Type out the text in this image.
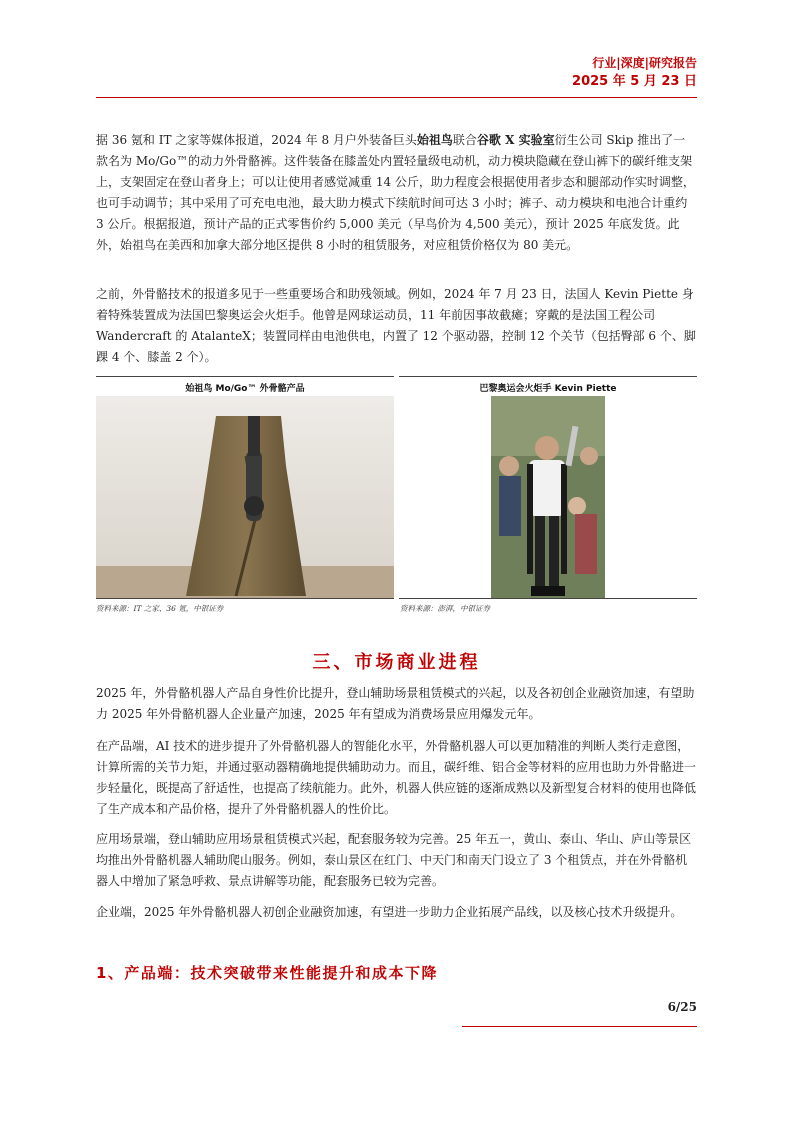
行业|深度|研究报告
2025 年 5 月 23 日

据 36 氪和 IT 之家等媒体报道，2024 年 8 月户外装备巨头始祖鸟联合谷歌 X 实验室衍生公司 Skip 推出了一款名为 Mo/Go™的动力外骨骼裤。这件装备在膝盖处内置轻量级电动机，动力模块隐藏在登山裤下的碳纤维支架上，支架固定在登山者身上；可以让使用者感觉减重 14 公斤，助力程度会根据使用者步态和腿部动作实时调整，也可手动调节；其中采用了可充电电池，最大助力模式下续航时间可达 3 小时；裤子、动力模块和电池合计重约 3 公斤。根据报道，预计产品的正式零售价约 5,000 美元（早鸟价为 4,500 美元），预计 2025 年底发货。此外，始祖鸟在美西和加拿大部分地区提供 8 小时的租赁服务，对应租赁价格仅为 80 美元。

之前，外骨骼技术的报道多见于一些重要场合和助残领域。例如，2024 年 7 月 23 日，法国人 Kevin Piette 身着特殊装置成为法国巴黎奥运会火炬手。他曾是网球运动员，11 年前因事故截瘫；穿戴的是法国工程公司 Wandercraft 的 AtalanteX；装置同样由电池供电，内置了 12 个驱动器，控制 12 个关节（包括臀部 6 个、脚踝 4 个、膝盖 2 个）。

始祖鸟 Mo/Go™ 外骨骼产品
资料来源：IT 之家、36 氪，中银证券
巴黎奥运会火炬手 Kevin Piette
资料来源：澎湃，中银证券
三、市场商业进程

2025 年，外骨骼机器人产品自身性价比提升，登山辅助场景租赁模式的兴起，以及各初创企业融资加速，有望助力 2025 年外骨骼机器人企业量产加速，2025 年有望成为消费场景应用爆发元年。

在产品端，AI 技术的进步提升了外骨骼机器人的智能化水平，外骨骼机器人可以更加精准的判断人类行走意图，计算所需的关节力矩，并通过驱动器精确地提供辅助动力。而且，碳纤维、铝合金等材料的应用也助力外骨骼进一步轻量化，既提高了舒适性，也提高了续航能力。此外，机器人供应链的逐渐成熟以及新型复合材料的使用也降低了生产成本和产品价格，提升了外骨骼机器人的性价比。

应用场景端，登山辅助应用场景租赁模式兴起，配套服务较为完善。25 年五一，黄山、泰山、华山、庐山等景区均推出外骨骼机器人辅助爬山服务。例如，泰山景区在红门、中天门和南天门设立了 3 个租赁点，并在外骨骼机器人中增加了紧急呼救、景点讲解等功能，配套服务已较为完善。

企业端，2025 年外骨骼机器人初创企业融资加速，有望进一步助力企业拓展产品线，以及核心技术升级提升。

1、产品端：技术突破带来性能提升和成本下降
6/25
